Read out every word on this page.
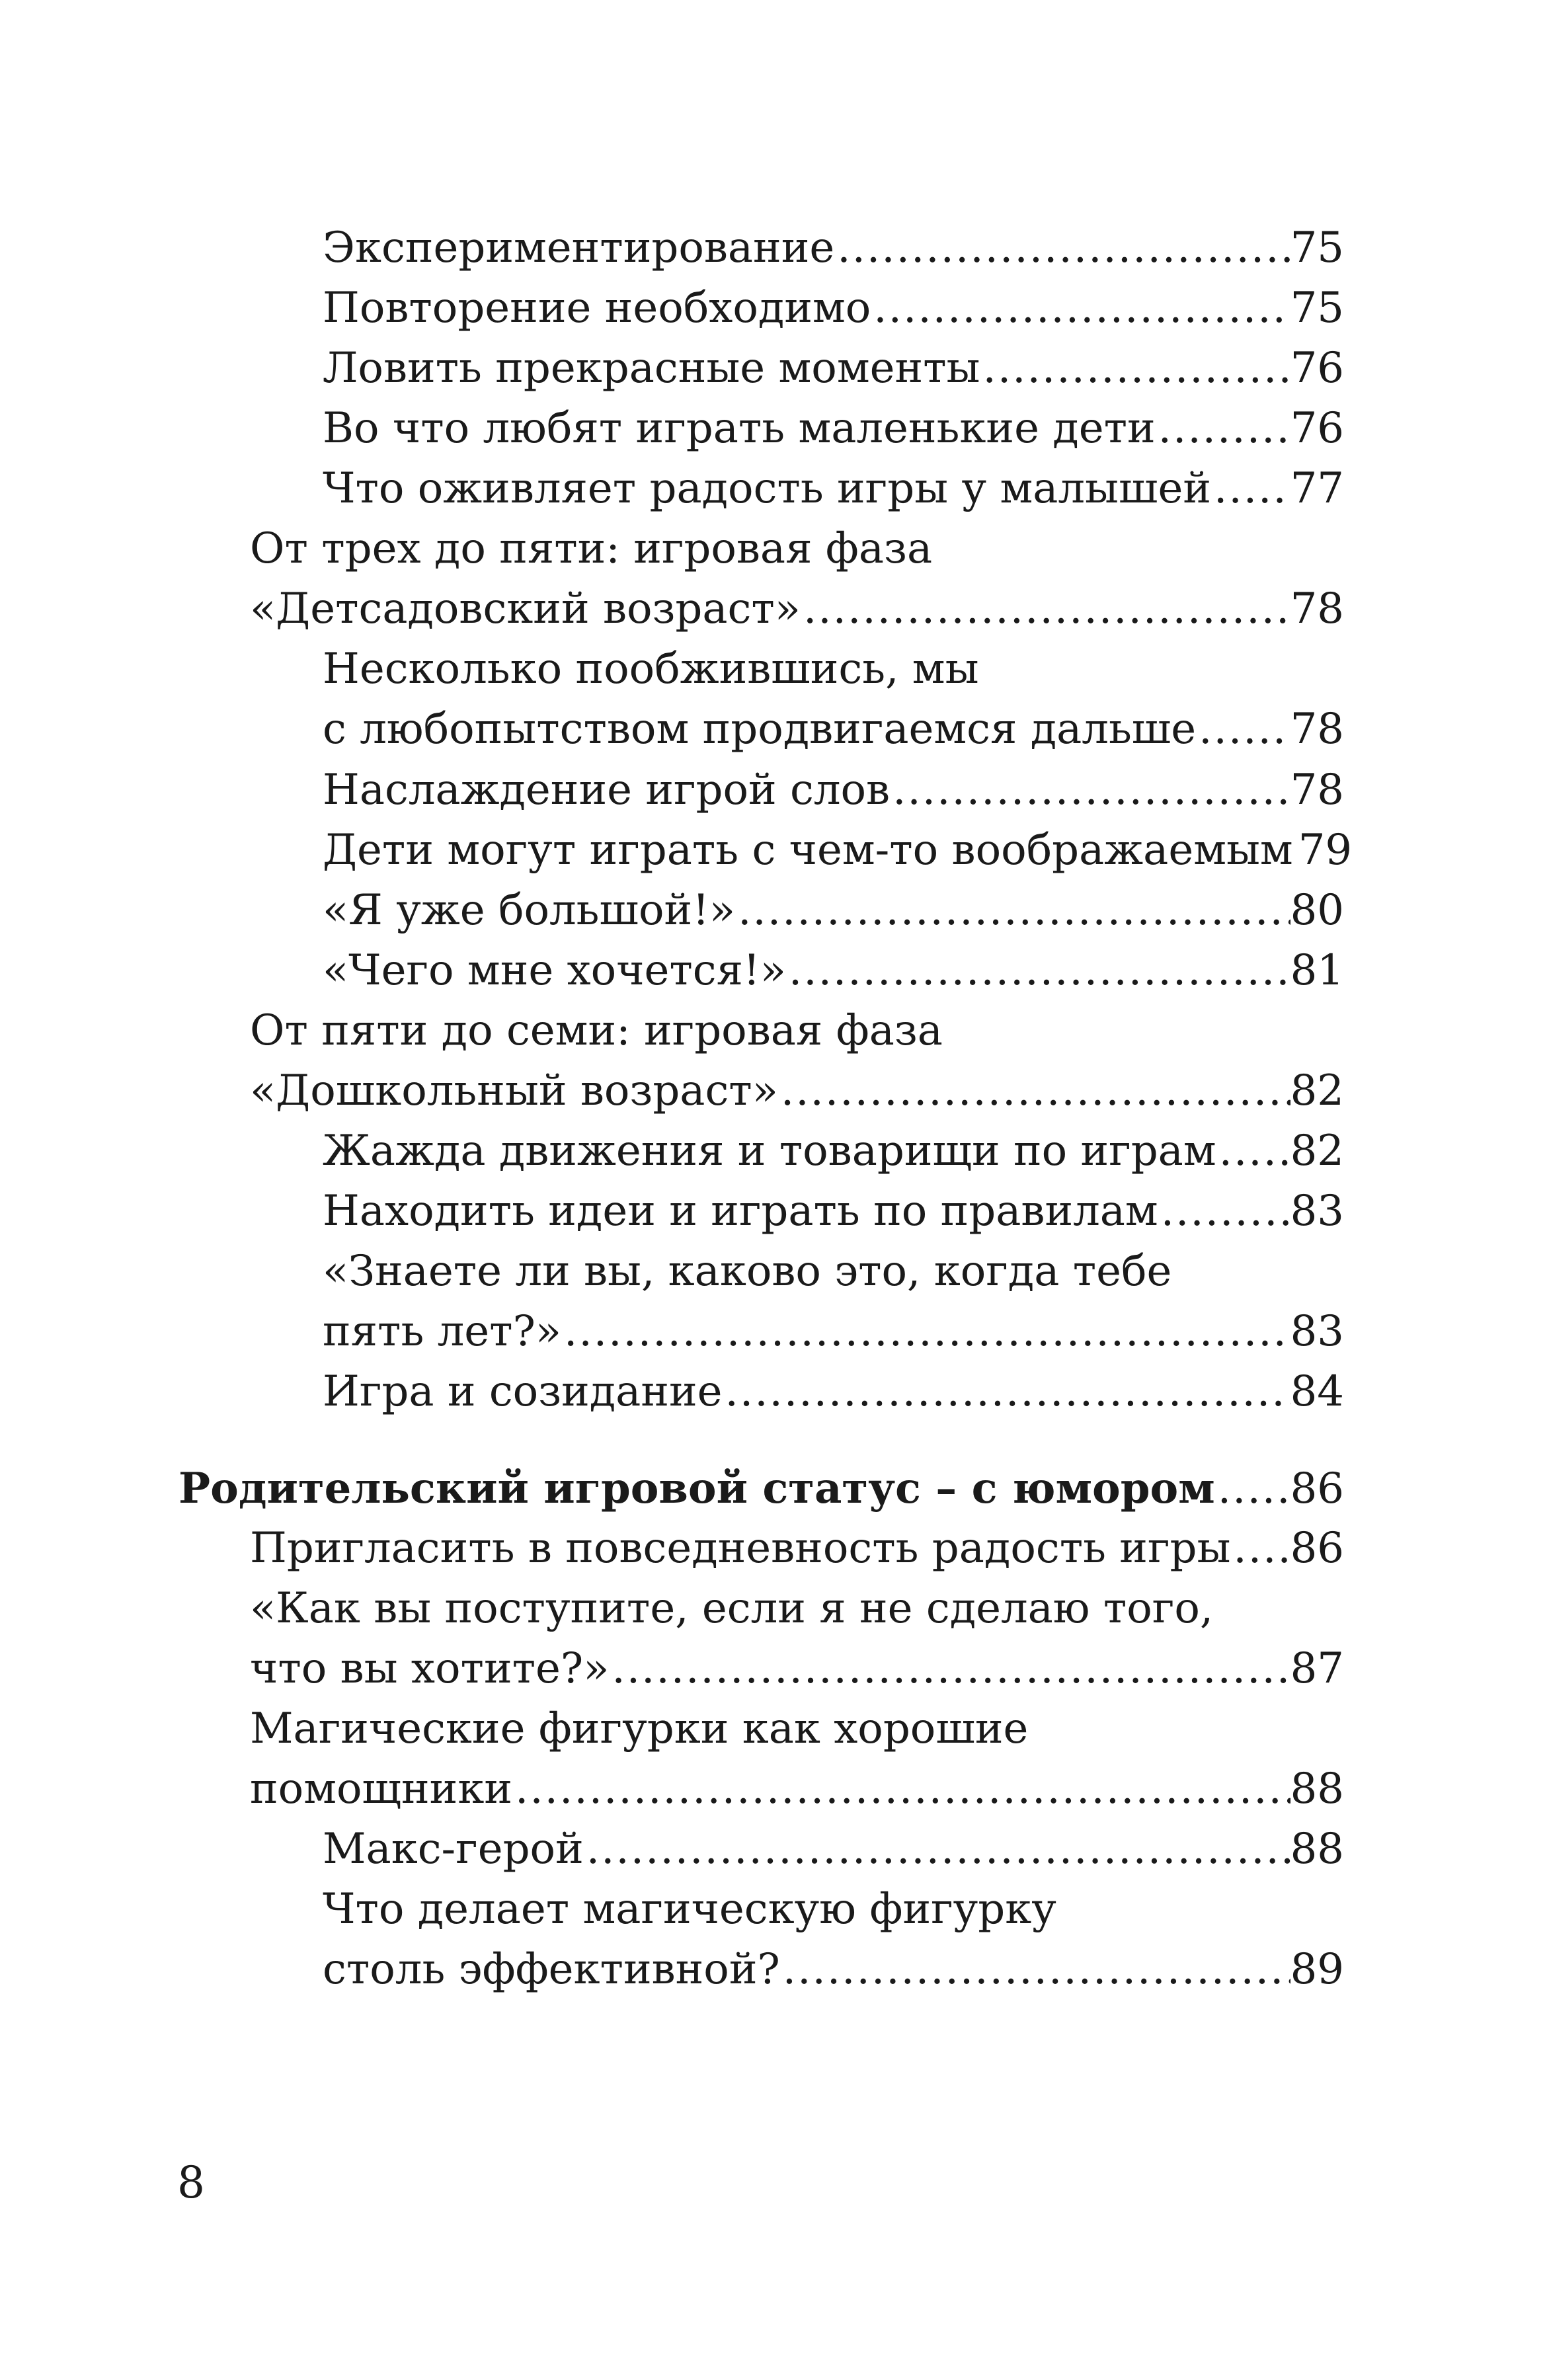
Экспериментирование .....	75
Повторение необходимо .....	75
Ловить прекрасные моменты .....	76
Во что любят играть маленькие дети .....	76
Что оживляет радость игры у малышей ..... 77
От трех до пяти: игровая фаза
«Детсадовский возраст» .....	78
Несколько пообжившись, мы
с любопытством продвигаемся дальше ..... 78
Наслаждение игрой слов .....	78
Дети могут играть с чем-то воображаемым ..... 79
«Я уже большой!» .....	80
«Чего мне хочется!» .....	81
От пяти до семи: игровая фаза
«Дошкольный возраст» .....	82
Жажда движения и товарищи по играм ..... 82
Находить идеи и играть по правилам .....	83
«Знаете ли вы, каково это, когда тебе
пять лет?» .....	83
Игра и созидание .....	84
Родительский игровой статус – с юмором ..... 86
Пригласить в повседневность радость игры ..... 86
«Как вы поступите, если я не сделаю того,
что вы хотите?» .....	87
Магические фигурки как хорошие
помощники .....	88
Макс-герой .....	88
Что делает магическую фигурку
столь эффективной? .....	89
8
